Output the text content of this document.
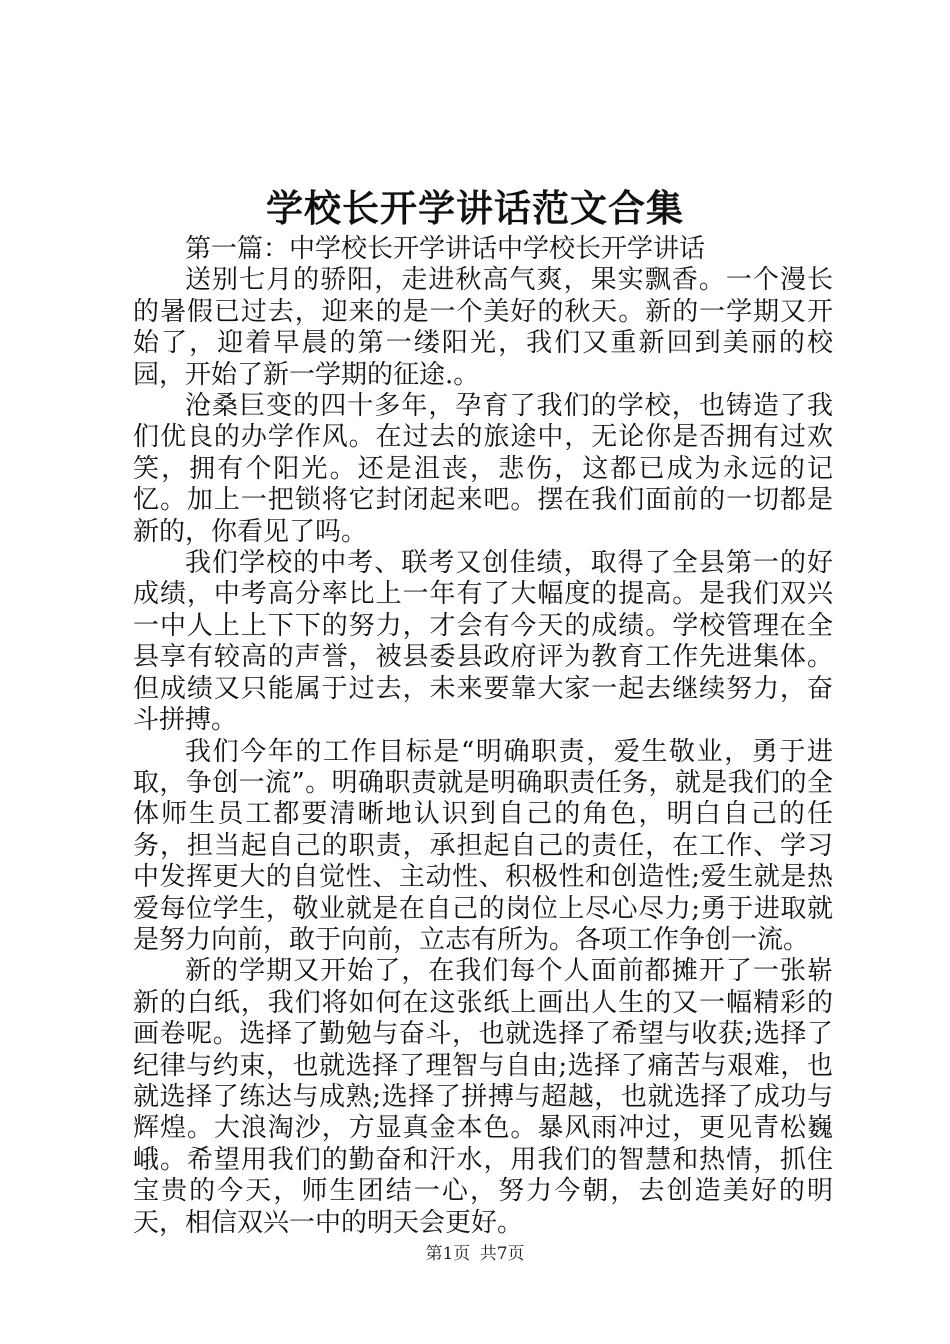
学校长开学讲话范文合集

第一篇：中学校长开学讲话中学校长开学讲话

送别七月的骄阳，走进秋高气爽，果实飘香。一个漫长的暑假已过去，迎来的是一个美好的秋天。新的一学期又开始了，迎着早晨的第一缕阳光，我们又重新回到美丽的校园，开始了新一学期的征途.。

沧桑巨变的四十多年，孕育了我们的学校，也铸造了我们优良的办学作风。在过去的旅途中，无论你是否拥有过欢笑，拥有个阳光。还是沮丧，悲伤，这都已成为永远的记忆。加上一把锁将它封闭起来吧。摆在我们面前的一切都是新的，你看见了吗。

我们学校的中考、联考又创佳绩，取得了全县第一的好成绩，中考高分率比上一年有了大幅度的提高。是我们双兴一中人上上下下的努力，才会有今天的成绩。学校管理在全县享有较高的声誉，被县委县政府评为教育工作先进集体。但成绩又只能属于过去，未来要靠大家一起去继续努力，奋斗拼搏。

我们今年的工作目标是“明确职责，爱生敬业，勇于进取，争创一流”。明确职责就是明确职责任务，就是我们的全体师生员工都要清晰地认识到自己的角色，明白自己的任务，担当起自己的职责，承担起自己的责任，在工作、学习中发挥更大的自觉性、主动性、积极性和创造性;爱生就是热爱每位学生，敬业就是在自己的岗位上尽心尽力;勇于进取就是努力向前，敢于向前，立志有所为。各项工作争创一流。

新的学期又开始了，在我们每个人面前都摊开了一张崭新的白纸，我们将如何在这张纸上画出人生的又一幅精彩的画卷呢。选择了勤勉与奋斗，也就选择了希望与收获;选择了纪律与约束，也就选择了理智与自由;选择了痛苦与艰难，也就选择了练达与成熟;选择了拼搏与超越，也就选择了成功与辉煌。大浪淘沙，方显真金本色。暴风雨冲过，更见青松巍峨。希望用我们的勤奋和汗水，用我们的智慧和热情，抓住宝贵的今天，师生团结一心，努力今朝，去创造美好的明天，相信双兴一中的明天会更好。

第1页 共7页
